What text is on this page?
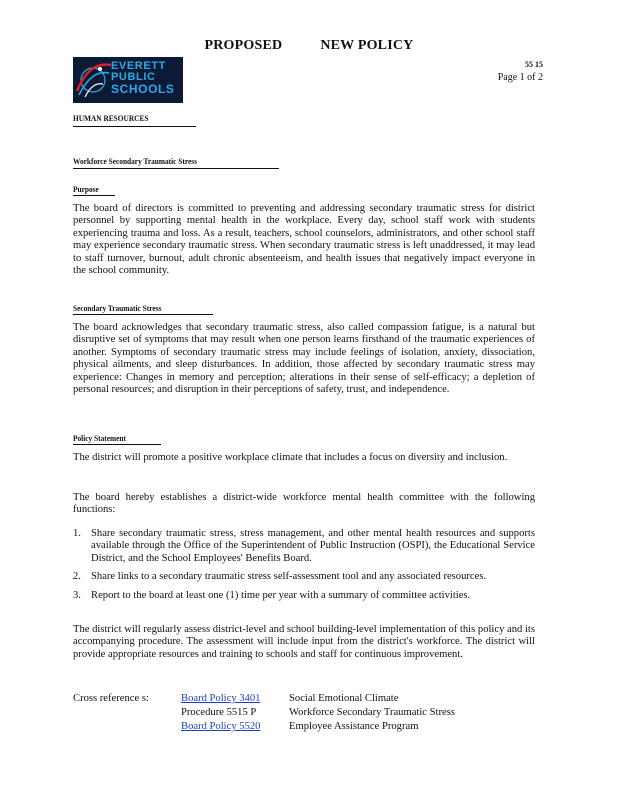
PROPOSED	NEW POLICY
EVERETT
PUBLIC
SCHOOLS
55 15
Page 1 of 2
HUMAN RESOURCES
Workforce Secondary Traumatic Stress
Purpose
The board of directors is committed to preventing and addressing secondary traumatic stress for district personnel by supporting mental health in the workplace. Every day, school staff work with students experiencing trauma and loss. As a result, teachers, school counselors, administrators, and other school staff may experience secondary traumatic stress. When secondary traumatic stress is left unaddressed, it may lead to staff turnover, burnout, adult chronic absenteeism, and health issues that negatively impact everyone in the school community.
Secondary Traumatic Stress
The board acknowledges that secondary traumatic stress, also called compassion fatigue, is a natural but disruptive set of symptoms that may result when one person learns firsthand of the traumatic experiences of another. Symptoms of secondary traumatic stress may include feelings of isolation, anxiety, dissociation, physical ailments, and sleep disturbances. In addition, those affected by secondary traumatic stress may experience: Changes in memory and perception; alterations in their sense of self-efficacy; a depletion of personal resources; and disruption in their perceptions of safety, trust, and independence.
Policy Statement
The district will promote a positive workplace climate that includes a focus on diversity and inclusion.
The board hereby establishes a district-wide workforce mental health committee with the following functions:
1. Share secondary traumatic stress, stress management, and other mental health resources and supports available through the Office of the Superintendent of Public Instruction (OSPI), the Educational Service District, and the School Employees' Benefits Board.
2. Share links to a secondary traumatic stress self-assessment tool and any associated resources.
3. Report to the board at least one (1) time per year with a summary of committee activities.
The district will regularly assess district-level and school building-level implementation of this policy and its accompanying procedure. The assessment will include input from the district's workforce. The district will provide appropriate resources and training to schools and staff for continuous improvement.
Cross reference s:	Board Policy 3401	Social Emotional Climate
Procedure 5515 P	Workforce Secondary Traumatic Stress
Board Policy 5520	Employee Assistance Program
